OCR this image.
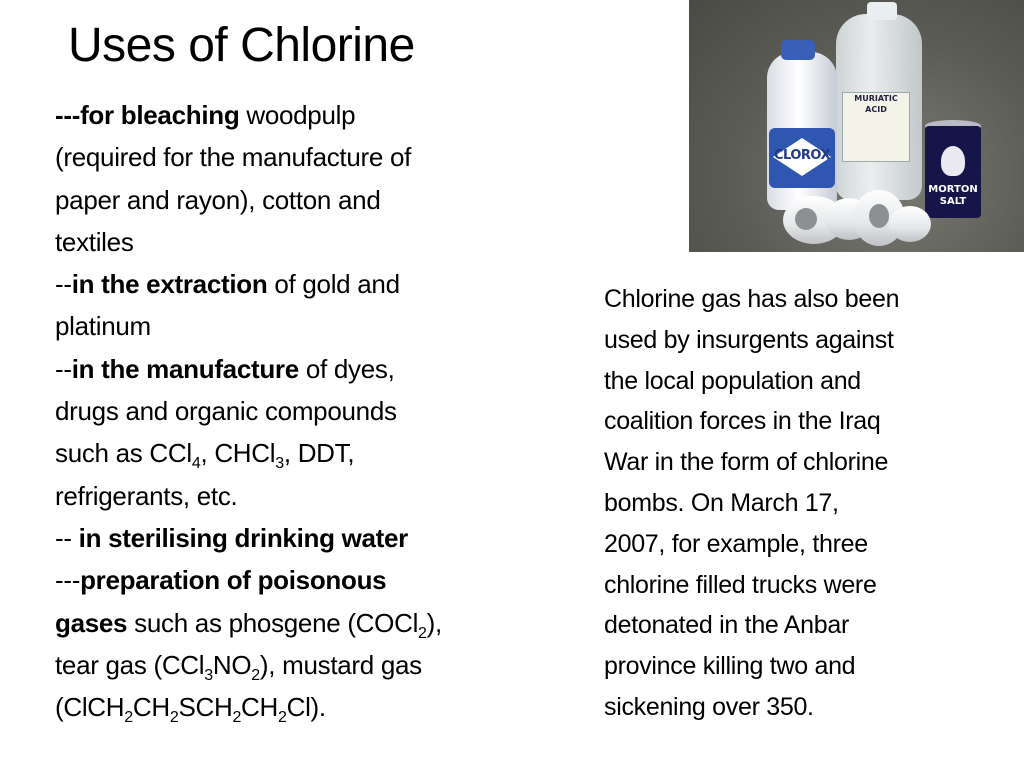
Uses of Chlorine
---for bleaching woodpulp
(required for the manufacture of
paper and rayon), cotton and
textiles
--in the extraction of gold and
platinum
--in the manufacture of dyes,
drugs and organic compounds
such as CCl$_4$, CHCl$_3$, DDT,
refrigerants, etc.
-- in sterilising drinking water
---preparation of poisonous
gases such as phosgene (COCl$_2$),
tear gas $(CCl_3NO_2)$, mustard gas
$(ClCH_2CH_2SCH_2CH_2Cl)$.
MURIATIC ACID
CLOROX
MORTON
SALT
Chlorine gas has also been
used by insurgents against
the local population and
coalition forces in the Iraq
War in the form of chlorine
bombs. On March 17,
2007, for example, three
chlorine filled trucks were
detonated in the Anbar
province killing two and
sickening over 350.
